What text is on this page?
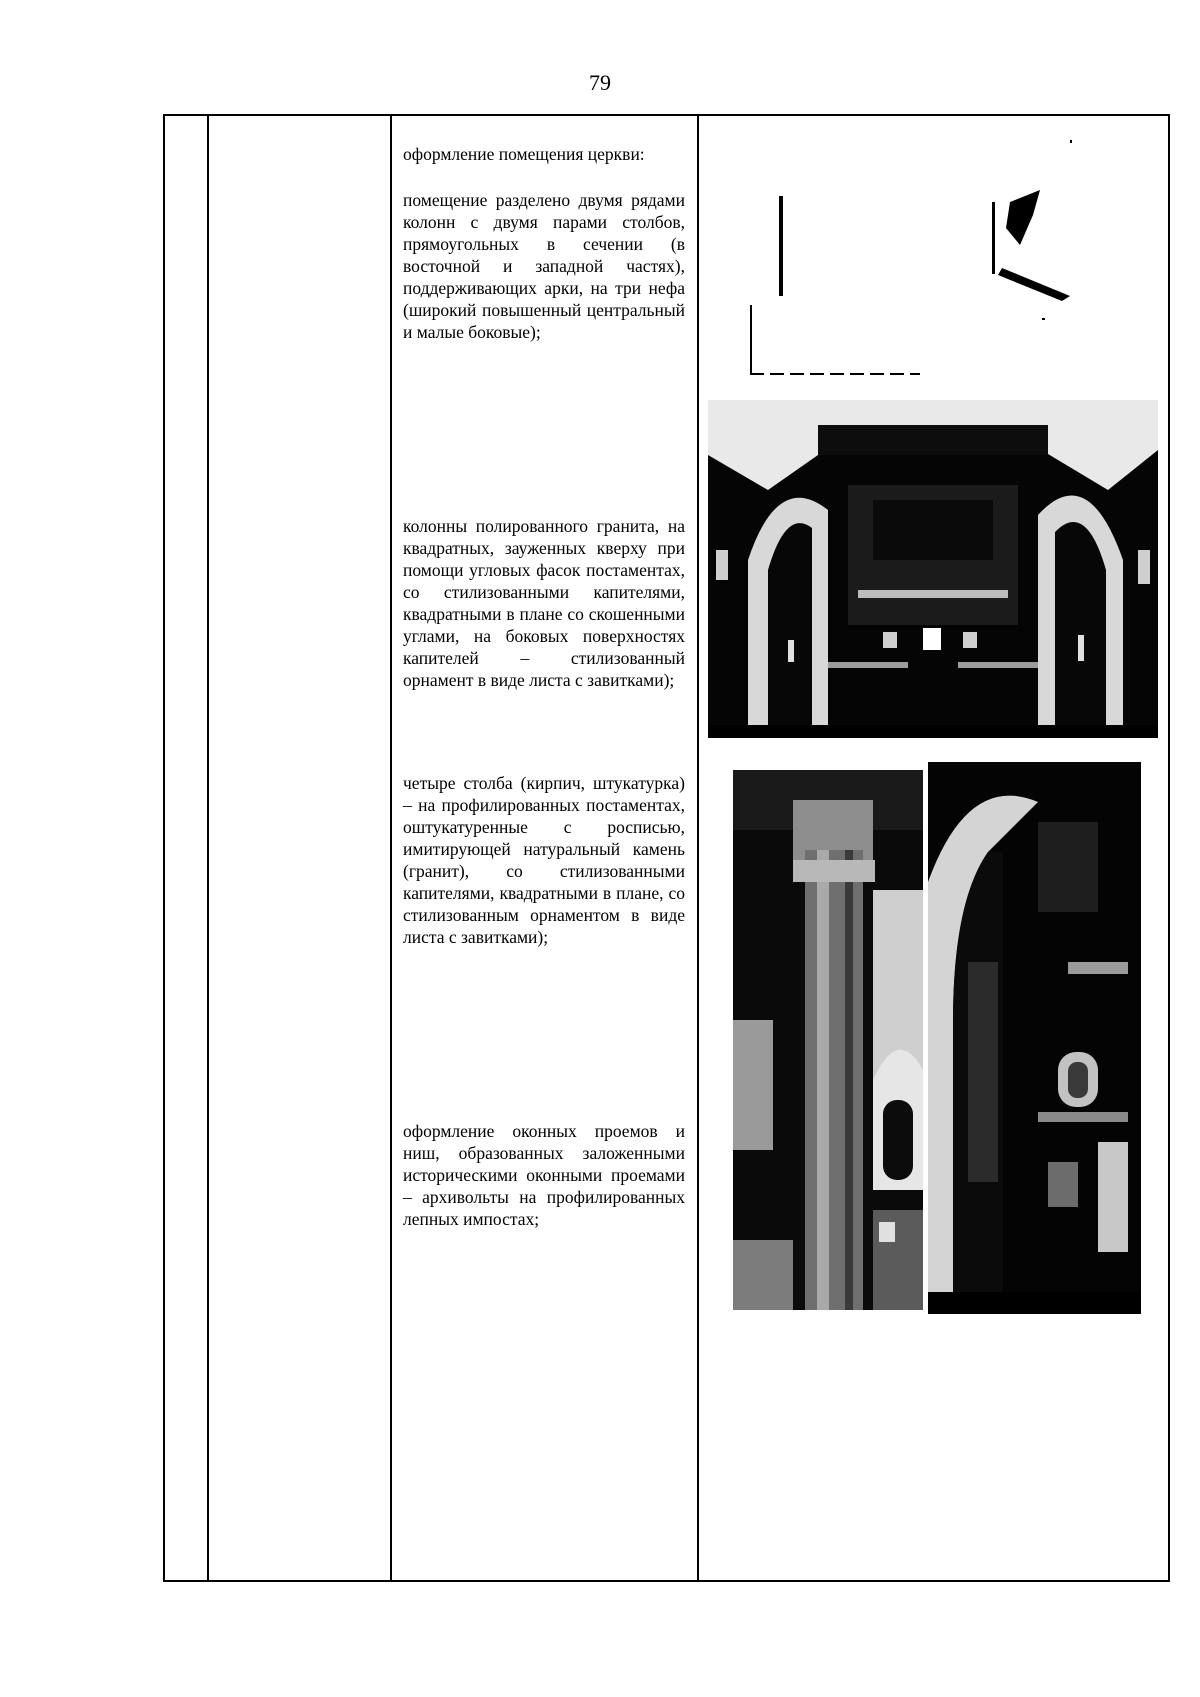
79
оформление помещения церкви:
помещение разделено двумя рядами колонн с двумя парами столбов, прямоугольных в сечении (в восточной и западной частях), поддерживающих арки, на три нефа (широкий повышенный центральный и малые боковые);
колонны полированного гранита, на квадратных, зауженных кверху при помощи угловых фасок постаментах, со стилизованными капителями, квадратными в плане со скошенными углами, на боковых поверхностях капителей – стилизованный орнамент в виде листа с завитками);
четыре столба (кирпич, штукатурка) – на профилированных постаментах, оштукатуренные с росписью, имитирующей натуральный камень (гранит), со стилизованными капителями, квадратными в плане, со стилизованным орнаментом в виде листа с завитками);
оформление оконных проемов и ниш, образованных заложенными историческими оконными проемами – архивольты на профилированных лепных импостах;
